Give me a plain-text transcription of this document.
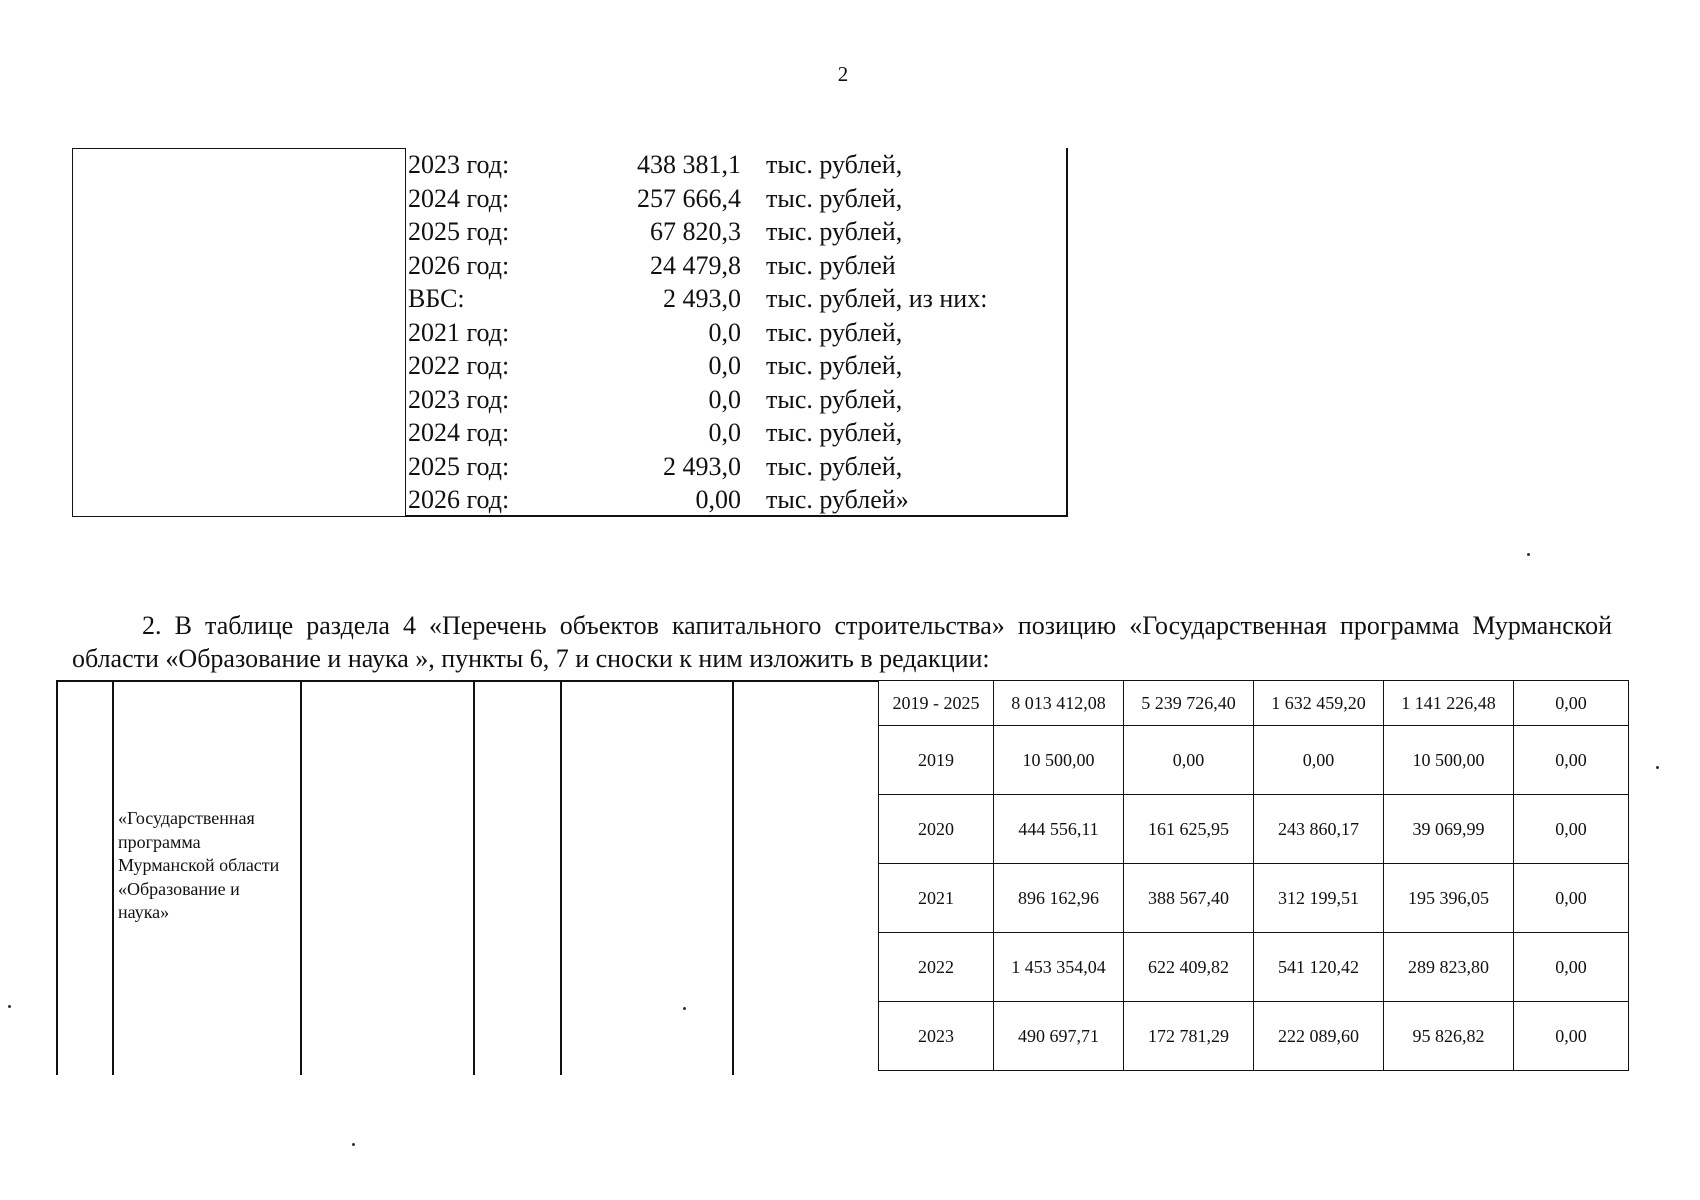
2
2023 год:	438 381,1 тыс. рублей,
2024 год:	257 666,4 тыс. рублей,
2025 год:	67 820,3 тыс. рублей,
2026 год:	24 479,8 тыс. рублей
ВБС:	2 493,0 тыс. рублей, из них:
2021 год:	0,0 тыс. рублей,
2022 год:	0,0 тыс. рублей,
2023 год:	0,0 тыс. рублей,
2024 год:	0,0 тыс. рублей,
2025 год:	2 493,0 тыс. рублей,
2026 год:	0,00 тыс. рублей»

2. В таблице раздела 4 «Перечень объектов капитального строительства» позицию «Государственная программа Мурманской области «Образование и наука », пункты 6, 7 и сноски к ним изложить в редакции:

«Государственная программа Мурманской области «Образование и наука»
2019 - 2025	8 013 412,08	5 239 726,40	1 632 459,20	1 141 226,48	0,00
2019	10 500,00	0,00	0,00	10 500,00	0,00
2020	444 556,11	161 625,95	243 860,17	39 069,99	0,00
2021	896 162,96	388 567,40	312 199,51	195 396,05	0,00
2022	1 453 354,04	622 409,82	541 120,42	289 823,80	0,00
2023	490 697,71	172 781,29	222 089,60	95 826,82	0,00
